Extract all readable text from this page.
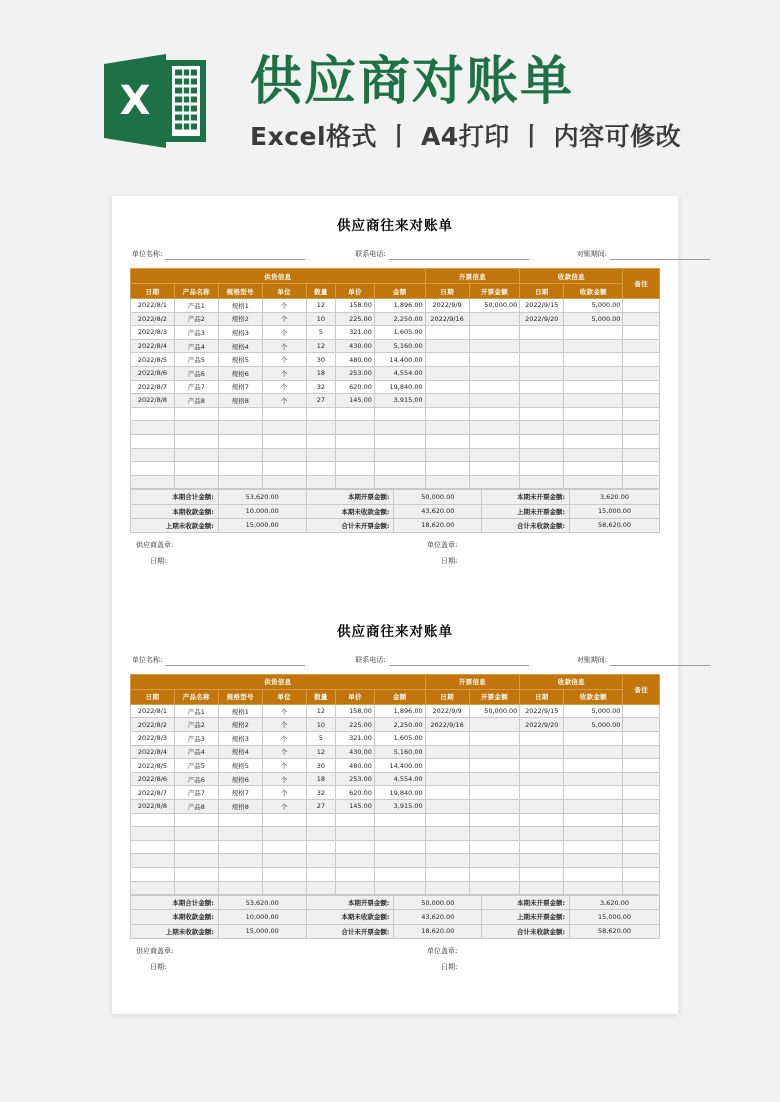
X 供应商对账单
Excel格式 丨 A4打印 丨 内容可修改
供应商往来对账单
单位名称:	联系电话:	对账期间:
供货信息							开票信息		收款信息		备注
日期	产品名称	规格型号	单位	数量	单价	金额	日期	开票金额	日期	收款金额	
2022/8/1	产品1	规格1	个	12	158.00	1,896.00	2022/9/9	50,000.00	2022/9/15	5,000.00	
2022/8/2	产品2	规格2	个	10	225.00	2,250.00	2022/9/16		2022/9/20	5,000.00	
2022/8/3	产品3	规格3	个	5	321.00	1,605.00					
2022/8/4	产品4	规格4	个	12	430.00	5,160.00					
2022/8/5	产品5	规格5	个	30	480.00	14,400.00					
2022/8/6	产品6	规格6	个	18	253.00	4,554.00					
2022/8/7	产品7	规格7	个	32	620.00	19,840.00					
2022/8/8	产品8	规格8	个	27	145.00	3,915.00					

本期合计金额:	53,620.00	本期开票金额:	50,000.00	本期未开票金额:	3,620.00
本期收款金额:	10,000.00	本期未收款金额:	43,620.00	上期未开票金额:	15,000.00
上期未收款金额:	15,000.00	合计未开票金额:	18,620.00	合计未收款金额:	58,620.00
供应商盖章:
日期:
单位盖章:
日期:
供应商往来对账单
单位名称:	联系电话:	对账期间:
供货信息							开票信息		收款信息		备注
日期	产品名称	规格型号	单位	数量	单价	金额	日期	开票金额	日期	收款金额	
2022/8/1	产品1	规格1	个	12	158.00	1,896.00	2022/9/9	50,000.00	2022/9/15	5,000.00	
2022/8/2	产品2	规格2	个	10	225.00	2,250.00	2022/9/16		2022/9/20	5,000.00	
2022/8/3	产品3	规格3	个	5	321.00	1,605.00					
2022/8/4	产品4	规格4	个	12	430.00	5,160.00					
2022/8/5	产品5	规格5	个	30	480.00	14,400.00					
2022/8/6	产品6	规格6	个	18	253.00	4,554.00					
2022/8/7	产品7	规格7	个	32	620.00	19,840.00					
2022/8/8	产品8	规格8	个	27	145.00	3,915.00					

本期合计金额:	53,620.00	本期开票金额:	50,000.00	本期未开票金额:	3,620.00
本期收款金额:	10,000.00	本期未收款金额:	43,620.00	上期未开票金额:	15,000.00
上期未收款金额:	15,000.00	合计未开票金额:	18,620.00	合计未收款金额:	58,620.00
供应商盖章:
日期:
单位盖章:
日期:
